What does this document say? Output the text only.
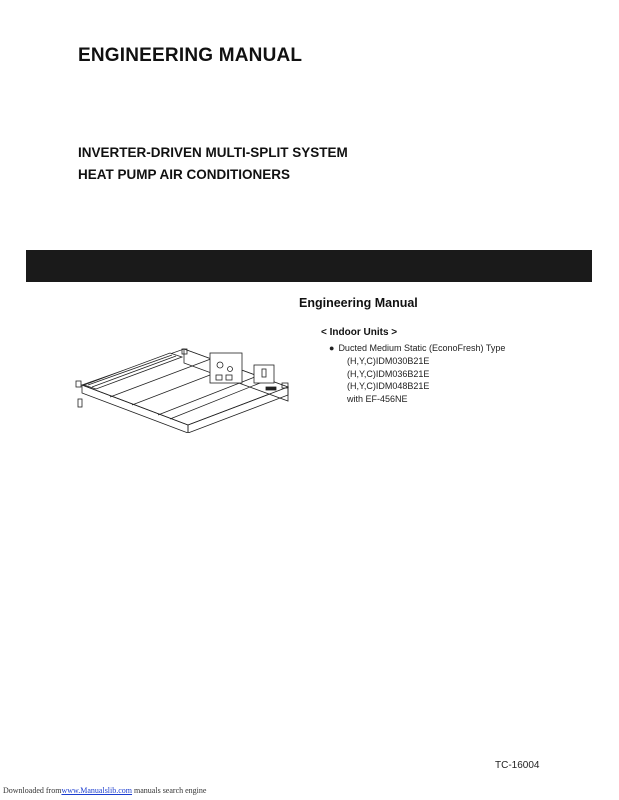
ENGINEERING MANUAL
INVERTER-DRIVEN MULTI-SPLIT SYSTEM
HEAT PUMP AIR CONDITIONERS
Engineering Manual
< Indoor Units >
● Ducted Medium Static (EconoFresh) Type
(H,Y,C)IDM030B21E
(H,Y,C)IDM036B21E
(H,Y,C)IDM048B21E
with EF-456NE
TC-16004
Downloaded fromwww.Manualslib.com manuals search engine
